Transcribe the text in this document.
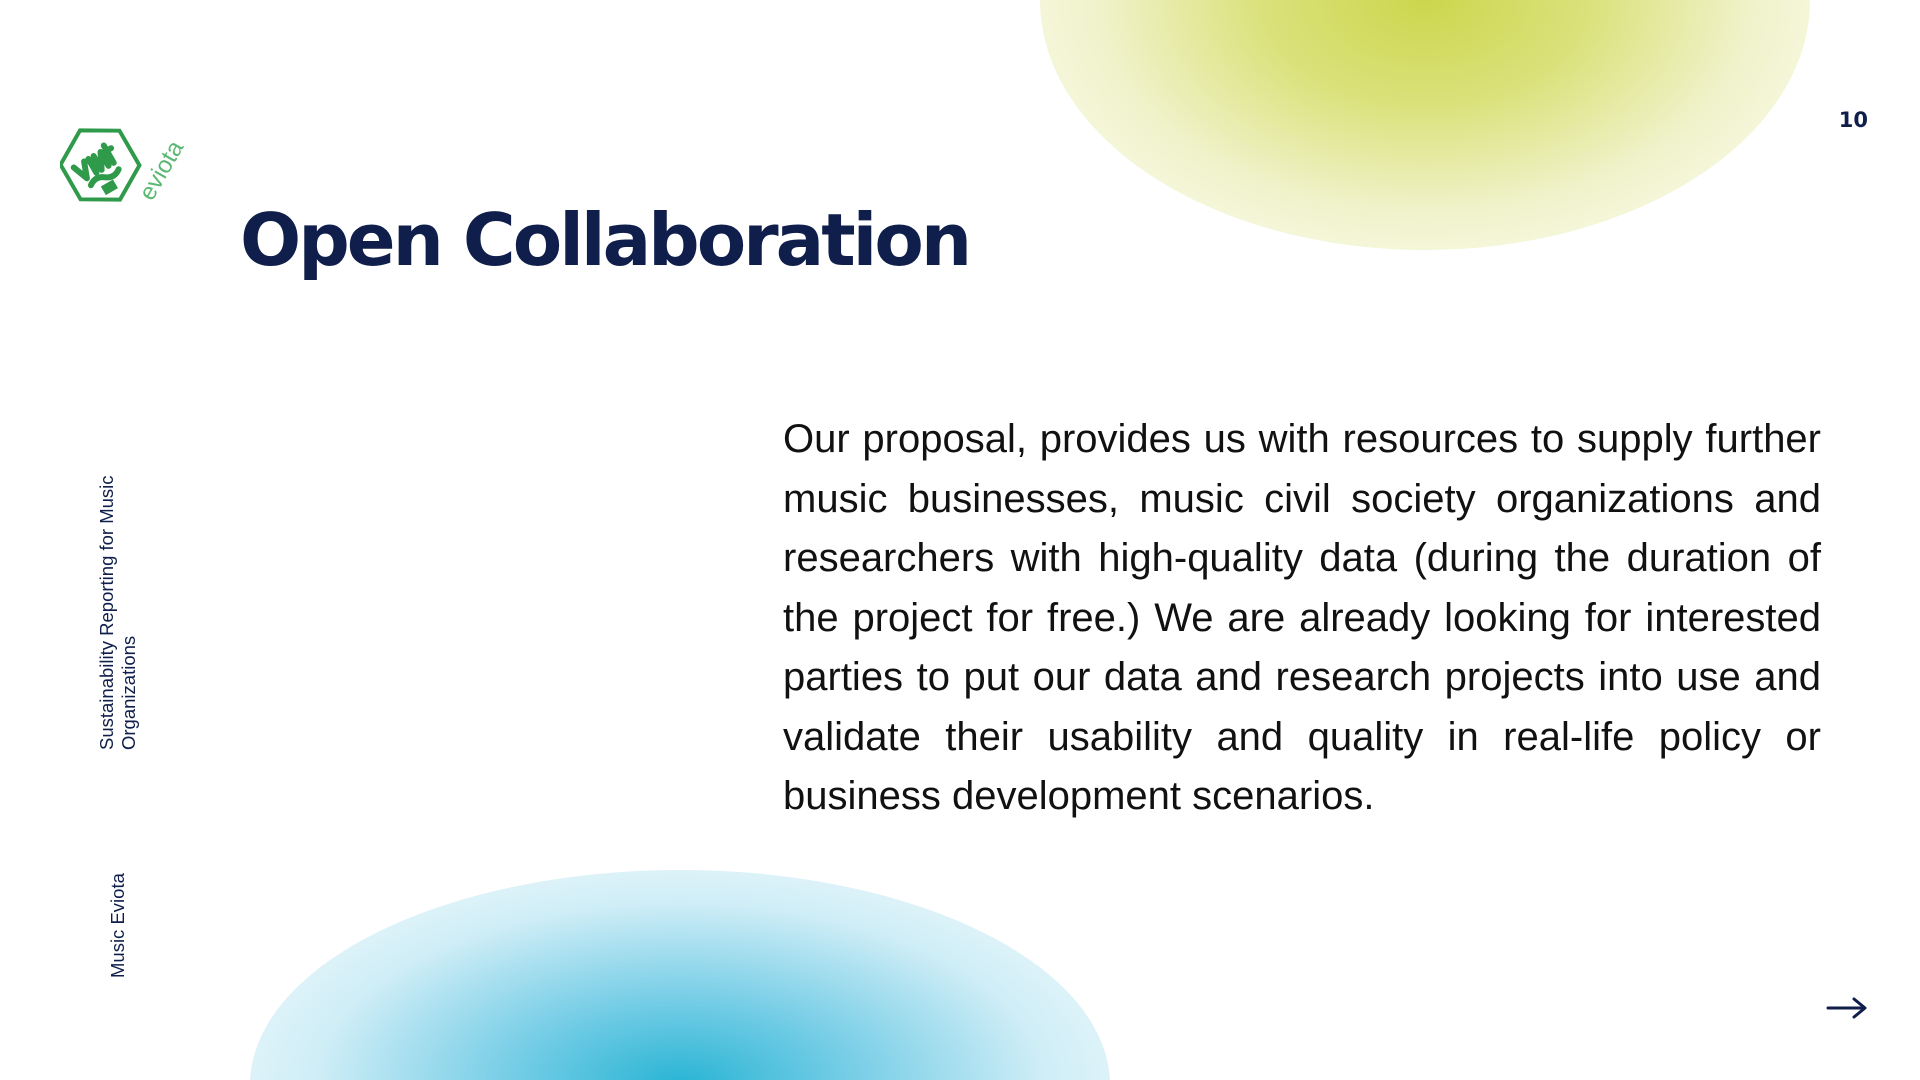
eviota
10
Open Collaboration

Our proposal, provides us with resources to supply further music businesses, music civil society organizations and researchers with high-quality data (during the duration of the project for free.) We are already looking for interested parties to put our data and research projects into use and validate their usability and quality in real-life policy or business development scenarios.

Sustainability Reporting for Music Organizations
Music Eviota
